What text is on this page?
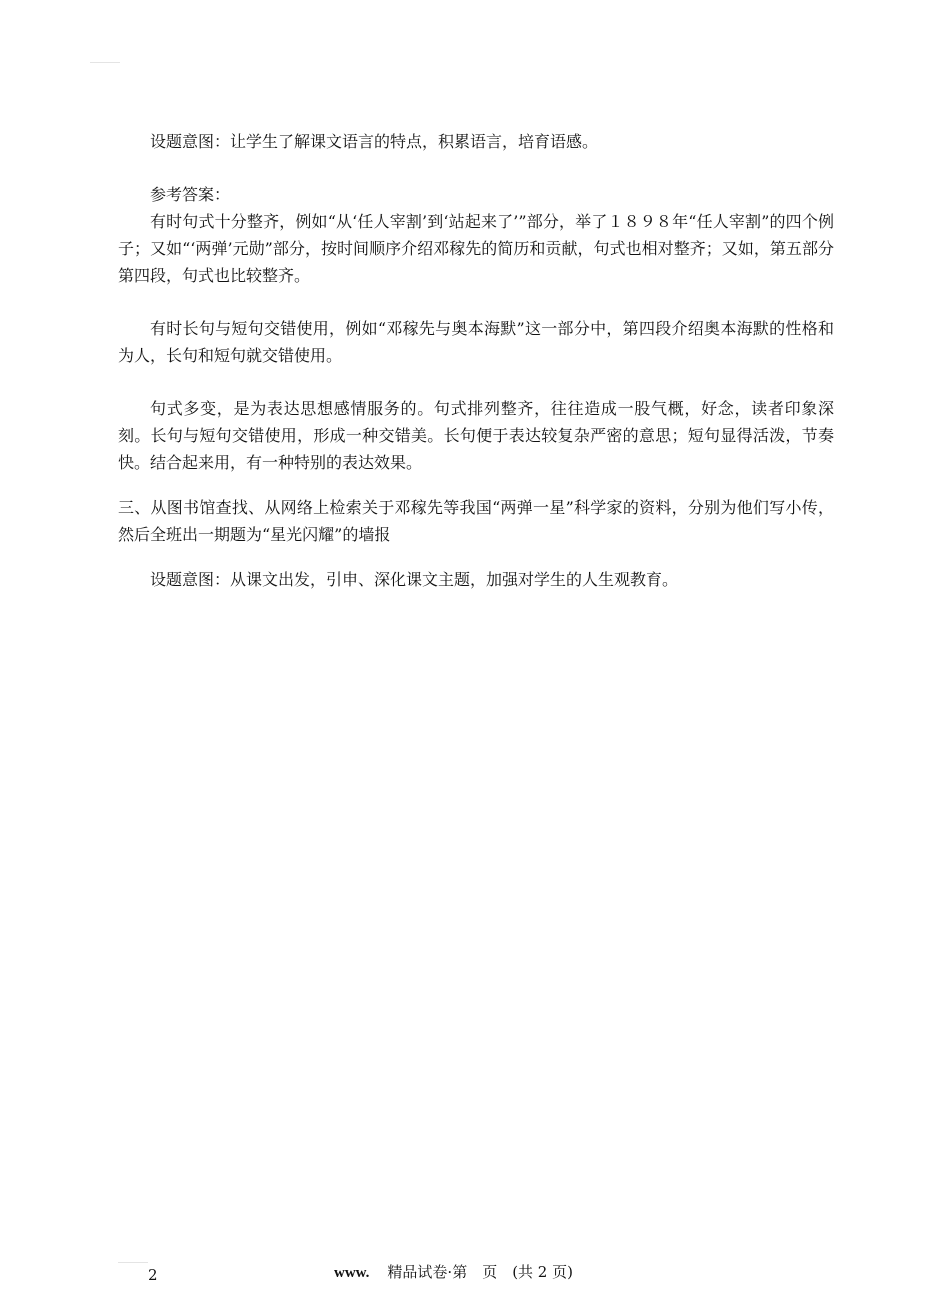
设题意图：让学生了解课文语言的特点，积累语言，培育语感。

参考答案：

有时句式十分整齐，例如“从‘任人宰割’到‘站起来了’”部分，举了１８９８年“任人宰割”的四个例子；又如“‘两弹’元勋”部分，按时间顺序介绍邓稼先的简历和贡献，句式也相对整齐；又如，第五部分第四段，句式也比较整齐。

有时长句与短句交错使用，例如“邓稼先与奥本海默”这一部分中，第四段介绍奥本海默的性格和为人，长句和短句就交错使用。

句式多变，是为表达思想感情服务的。句式排列整齐，往往造成一股气概，好念，读者印象深刻。长句与短句交错使用，形成一种交错美。长句便于表达较复杂严密的意思；短句显得活泼，节奏快。结合起来用，有一种特别的表达效果。

三、从图书馆查找、从网络上检索关于邓稼先等我国“两弹一星”科学家的资料，分别为他们写小传，然后全班出一期题为“星光闪耀”的墙报

设题意图：从课文出发，引申、深化课文主题，加强对学生的人生观教育。

2	www. 精品试卷·第　页　(共 2 页)
